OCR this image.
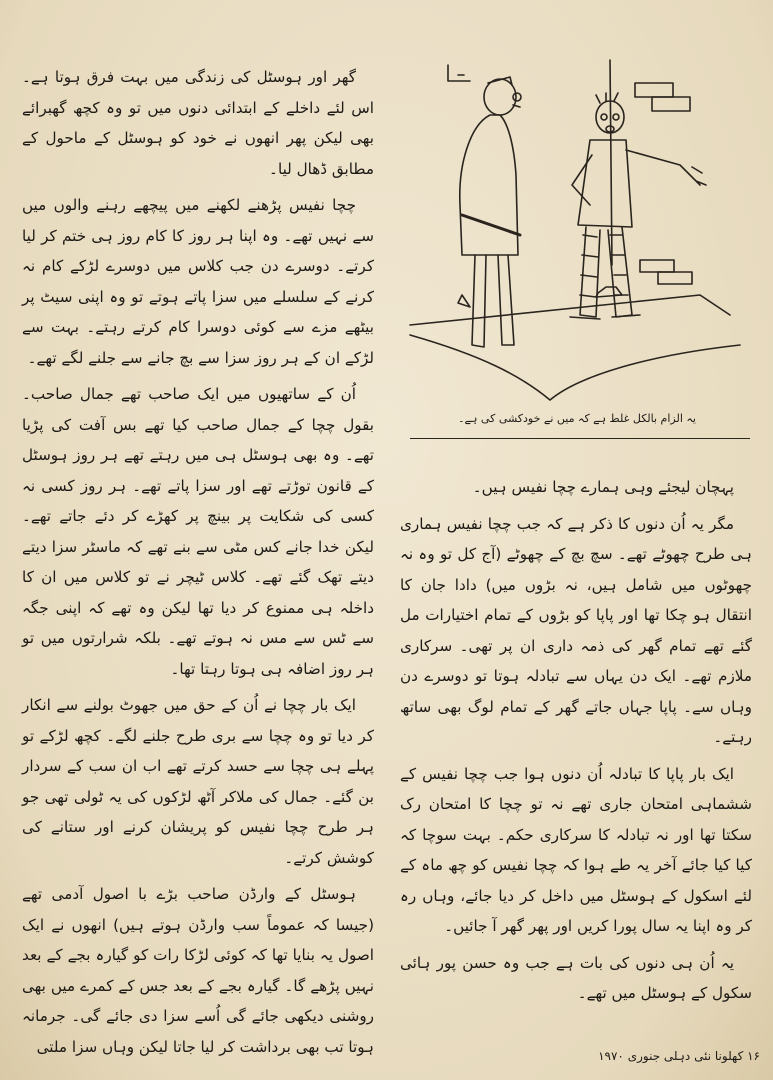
گھر اور ہوسٹل کی زندگی میں بہت فرق ہوتا ہے۔ اس لئے داخلے کے ابتدائی دنوں میں تو وہ کچھ گھبرائے بھی لیکن پھر انھوں نے خود کو ہوسٹل کے ماحول کے مطابق ڈھال لیا۔

چچا نفیس پڑھنے لکھنے میں پیچھے رہنے والوں میں سے نہیں تھے۔ وہ اپنا ہر روز کا کام روز ہی ختم کر لیا کرتے۔ دوسرے دن جب کلاس میں دوسرے لڑکے کام نہ کرنے کے سلسلے میں سزا پاتے ہوتے تو وہ اپنی سیٹ پر بیٹھے مزے سے کوئی دوسرا کام کرتے رہتے۔ بہت سے لڑکے ان کے ہر روز سزا سے بچ جانے سے جلنے لگے تھے۔

اُن کے ساتھیوں میں ایک صاحب تھے جمال صاحب۔ بقول چچا کے جمال صاحب کیا تھے بس آفت کی پڑیا تھے۔ وہ بھی ہوسٹل ہی میں رہتے تھے ہر روز ہوسٹل کے قانون توڑتے تھے اور سزا پاتے تھے۔ ہر روز کسی نہ کسی کی شکایت پر بینچ پر کھڑے کر دئے جاتے تھے۔ لیکن خدا جانے کس مٹی سے بنے تھے کہ ماسٹر سزا دیتے دیتے تھک گئے تھے۔ کلاس ٹیچر نے تو کلاس میں ان کا داخلہ ہی ممنوع کر دیا تھا لیکن وہ تھے کہ اپنی جگہ سے ٹس سے مس نہ ہوتے تھے۔ بلکہ شرارتوں میں تو ہر روز اضافہ ہی ہوتا رہتا تھا۔

ایک بار چچا نے اُن کے حق میں جھوٹ بولنے سے انکار کر دیا تو وہ چچا سے بری طرح جلنے لگے۔ کچھ لڑکے تو پہلے ہی چچا سے حسد کرتے تھے اب ان سب کے سردار بن گئے۔ جمال کی ملاکر آٹھ لڑکوں کی یہ ٹولی تھی جو ہر طرح چچا نفیس کو پریشان کرنے اور ستانے کی کوشش کرتے۔

ہوسٹل کے وارڈن صاحب بڑے با اصول آدمی تھے (جیسا کہ عموماً سب وارڈن ہوتے ہیں) انھوں نے ایک اصول یہ بنایا تھا کہ کوئی لڑکا رات کو گیارہ بجے کے بعد نہیں پڑھے گا۔ گیارہ بجے کے بعد جس کے کمرے میں بھی روشنی دیکھی جائے گی اُسے سزا دی جائے گی۔ جرمانہ ہوتا تب بھی برداشت کر لیا جاتا لیکن وہاں سزا ملتی

یہ الزام بالکل غلط ہے کہ میں نے خودکشی کی ہے۔

پہچان لیجئے وہی ہمارے چچا نفیس ہیں۔

مگر یہ اُن دنوں کا ذکر ہے کہ جب چچا نفیس ہماری ہی طرح چھوٹے تھے۔ سچ بچ کے چھوٹے (آج کل تو وہ نہ چھوٹوں میں شامل ہیں، نہ بڑوں میں) دادا جان کا انتقال ہو چکا تھا اور پاپا کو بڑوں کے تمام اختیارات مل گئے تھے تمام گھر کی ذمہ داری ان پر تھی۔ سرکاری ملازم تھے۔ ایک دن یہاں سے تبادلہ ہوتا تو دوسرے دن وہاں سے۔ پاپا جہاں جاتے گھر کے تمام لوگ بھی ساتھ رہتے۔

ایک بار پاپا کا تبادلہ اُن دنوں ہوا جب چچا نفیس کے ششماہی امتحان جاری تھے نہ تو چچا کا امتحان رک سکتا تھا اور نہ تبادلہ کا سرکاری حکم۔ بہت سوچا کہ کیا کیا جائے آخر یہ طے ہوا کہ چچا نفیس کو چھ ماہ کے لئے اسکول کے ہوسٹل میں داخل کر دیا جائے، وہاں رہ کر وہ اپنا یہ سال پورا کریں اور پھر گھر آ جائیں۔

یہ اُن ہی دنوں کی بات ہے جب وہ حسن پور ہائی سکول کے ہوسٹل میں تھے۔

۱۶ کھلونا نئی دہلی جنوری ۱۹۷۰
